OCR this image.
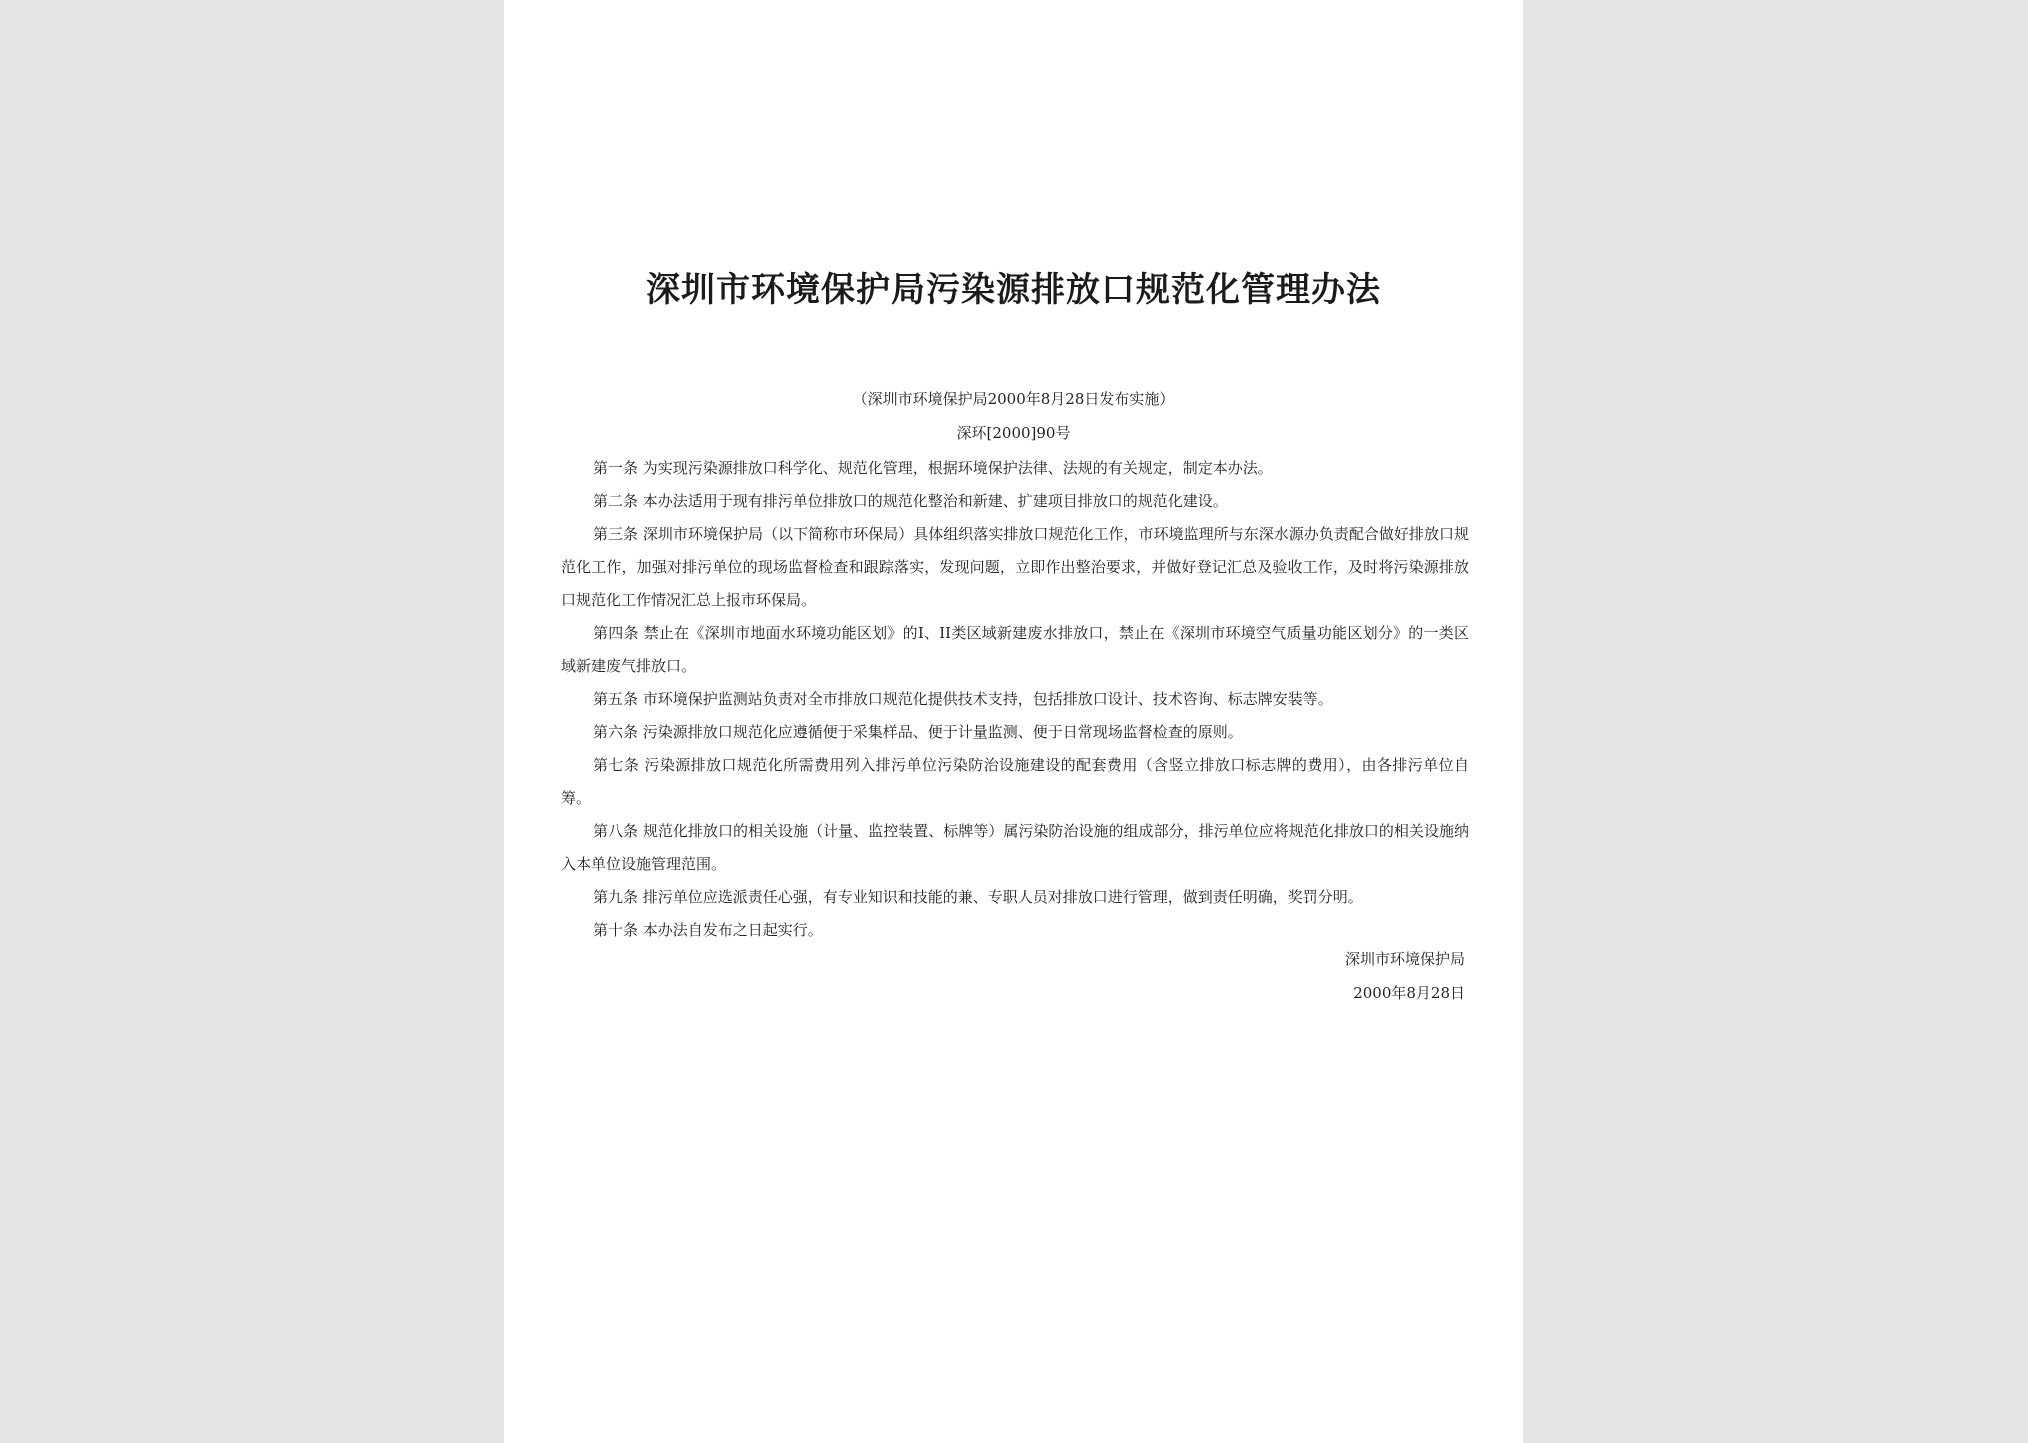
深圳市环境保护局污染源排放口规范化管理办法
（深圳市环境保护局2000年8月28日发布实施）
深环[2000]90号

第一条 为实现污染源排放口科学化、规范化管理，根据环境保护法律、法规的有关规定，制定本办法。

第二条 本办法适用于现有排污单位排放口的规范化整治和新建、扩建项目排放口的规范化建设。

第三条 深圳市环境保护局（以下简称市环保局）具体组织落实排放口规范化工作，市环境监理所与东深水源办负责配合做好排放口规范化工作，加强对排污单位的现场监督检查和跟踪落实，发现问题，立即作出整治要求，并做好登记汇总及验收工作，及时将污染源排放口规范化工作情况汇总上报市环保局。

第四条 禁止在《深圳市地面水环境功能区划》的I、II类区域新建废水排放口，禁止在《深圳市环境空气质量功能区划分》的一类区域新建废气排放口。

第五条 市环境保护监测站负责对全市排放口规范化提供技术支持，包括排放口设计、技术咨询、标志牌安装等。

第六条 污染源排放口规范化应遵循便于采集样品、便于计量监测、便于日常现场监督检查的原则。

第七条 污染源排放口规范化所需费用列入排污单位污染防治设施建设的配套费用（含竖立排放口标志牌的费用），由各排污单位自筹。

第八条 规范化排放口的相关设施（计量、监控装置、标牌等）属污染防治设施的组成部分，排污单位应将规范化排放口的相关设施纳入本单位设施管理范围。

第九条 排污单位应选派责任心强，有专业知识和技能的兼、专职人员对排放口进行管理，做到责任明确，奖罚分明。

第十条 本办法自发布之日起实行。

深圳市环境保护局
2000年8月28日
